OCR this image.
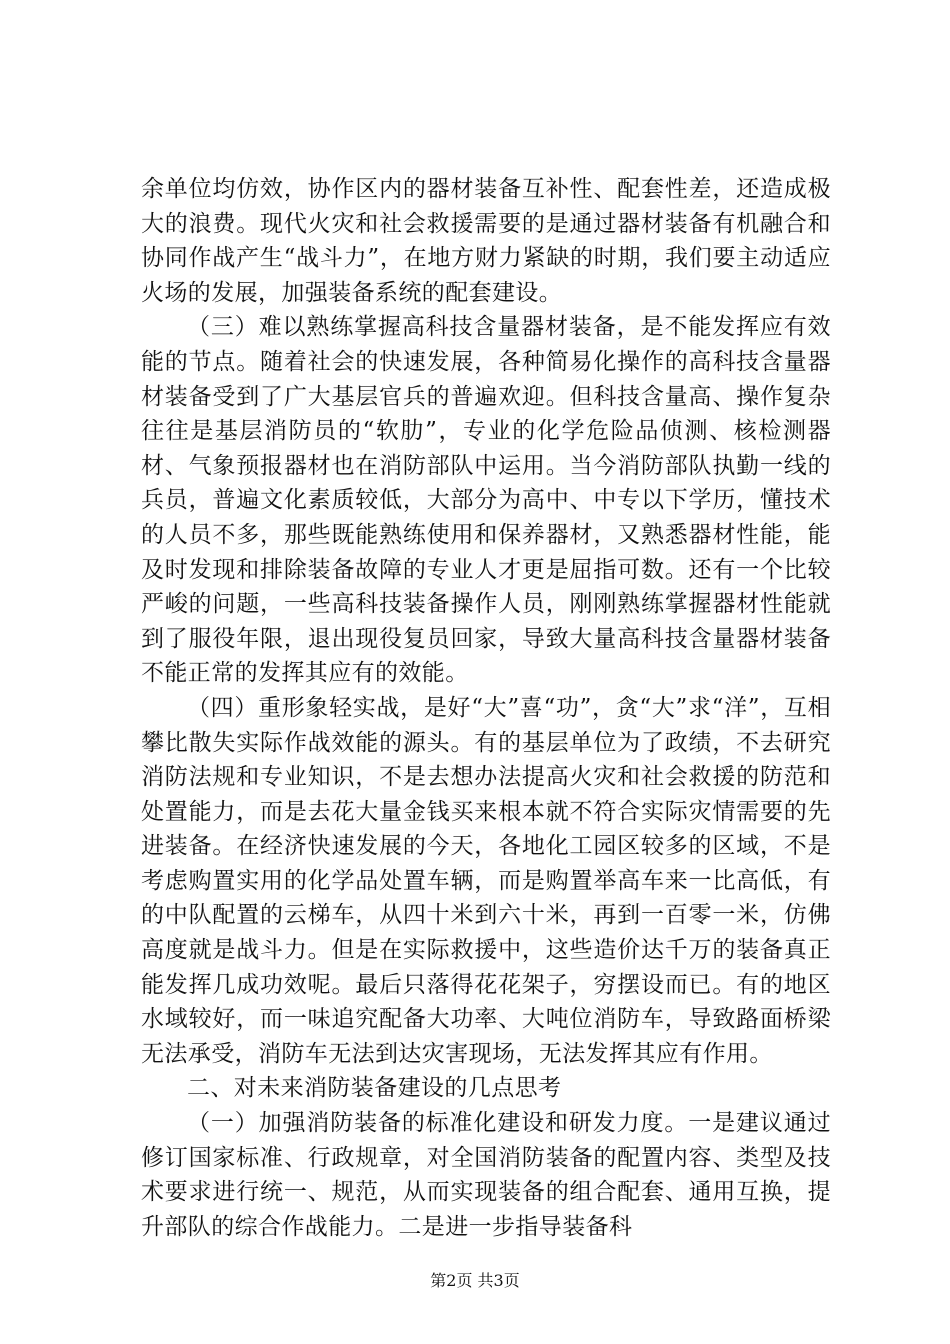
余单位均仿效，协作区内的器材装备互补性、配套性差，还造成极大的浪费。现代火灾和社会救援需要的是通过器材装备有机融合和协同作战产生“战斗力”，在地方财力紧缺的时期，我们要主动适应火场的发展，加强装备系统的配套建设。

（三）难以熟练掌握高科技含量器材装备，是不能发挥应有效能的节点。随着社会的快速发展，各种简易化操作的高科技含量器材装备受到了广大基层官兵的普遍欢迎。但科技含量高、操作复杂往往是基层消防员的“软肋”，专业的化学危险品侦测、核检测器材、气象预报器材也在消防部队中运用。当今消防部队执勤一线的兵员，普遍文化素质较低，大部分为高中、中专以下学历，懂技术的人员不多，那些既能熟练使用和保养器材，又熟悉器材性能，能及时发现和排除装备故障的专业人才更是屈指可数。还有一个比较严峻的问题，一些高科技装备操作人员，刚刚熟练掌握器材性能就到了服役年限，退出现役复员回家，导致大量高科技含量器材装备不能正常的发挥其应有的效能。

（四）重形象轻实战，是好“大”喜“功”，贪“大”求“洋”，互相攀比散失实际作战效能的源头。有的基层单位为了政绩，不去研究消防法规和专业知识，不是去想办法提高火灾和社会救援的防范和处置能力，而是去花大量金钱买来根本就不符合实际灾情需要的先进装备。在经济快速发展的今天，各地化工园区较多的区域，不是考虑购置实用的化学品处置车辆，而是购置举高车来一比高低，有的中队配置的云梯车，从四十米到六十米，再到一百零一米，仿佛高度就是战斗力。但是在实际救援中，这些造价达千万的装备真正能发挥几成功效呢。最后只落得花花架子，穷摆设而已。有的地区水域较好，而一味追究配备大功率、大吨位消防车，导致路面桥梁无法承受，消防车无法到达灾害现场，无法发挥其应有作用。

二、对未来消防装备建设的几点思考

（一）加强消防装备的标准化建设和研发力度。一是建议通过修订国家标准、行政规章，对全国消防装备的配置内容、类型及技术要求进行统一、规范，从而实现装备的组合配套、通用互换，提升部队的综合作战能力。二是进一步指导装备科

第2页 共3页
